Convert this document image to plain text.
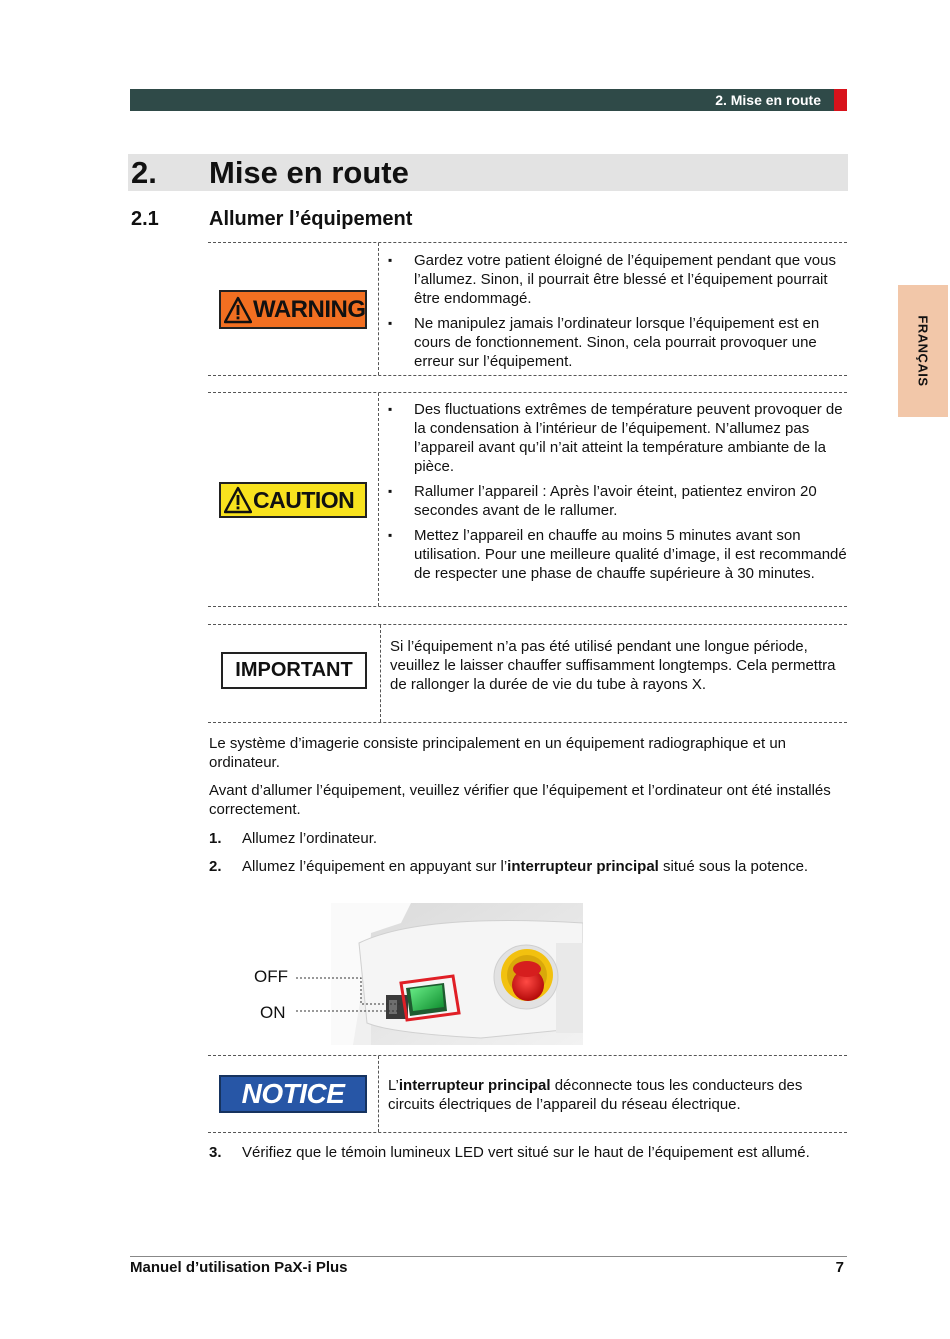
2. Mise en route
FRANÇAIS
2. Mise en route
2.1	Allumer l’équipement
WARNING
▪ Gardez votre patient éloigné de l’équipement pendant que vous l’allumez. Sinon, il pourrait être blessé et l’équipement pourrait être endommagé.
▪ Ne manipulez jamais l’ordinateur lorsque l’équipement est en cours de fonctionnement. Sinon, cela pourrait provoquer une erreur sur l’équipement.
CAUTION
▪ Des fluctuations extrêmes de température peuvent provoquer de la condensation à l’intérieur de l’équipement. N’allumez pas l’appareil avant qu’il n’ait atteint la température ambiante de la pièce.
▪ Rallumer l’appareil : Après l’avoir éteint, patientez environ 20 secondes avant de le rallumer.
▪ Mettez l’appareil en chauffe au moins 5 minutes avant son utilisation. Pour une meilleure qualité d’image, il est recommandé de respecter une phase de chauffe supérieure à 30 minutes.
IMPORTANT
Si l’équipement n’a pas été utilisé pendant une longue période, veuillez le laisser chauffer suffisamment longtemps. Cela permettra de rallonger la durée de vie du tube à rayons X.
Le système d’imagerie consiste principalement en un équipement radiographique et un ordinateur.
Avant d’allumer l’équipement, veuillez vérifier que l’équipement et l’ordinateur ont été installés correctement.
1. Allumez l’ordinateur.
2. Allumez l’équipement en appuyant sur l’interrupteur principal situé sous la potence.
OFF
ON
NOTICE	L’interrupteur principal déconnecte tous les conducteurs des circuits électriques de l’appareil du réseau électrique.
3. Vérifiez que le témoin lumineux LED vert situé sur le haut de l’équipement est allumé.
Manuel d’utilisation PaX-i Plus	7
